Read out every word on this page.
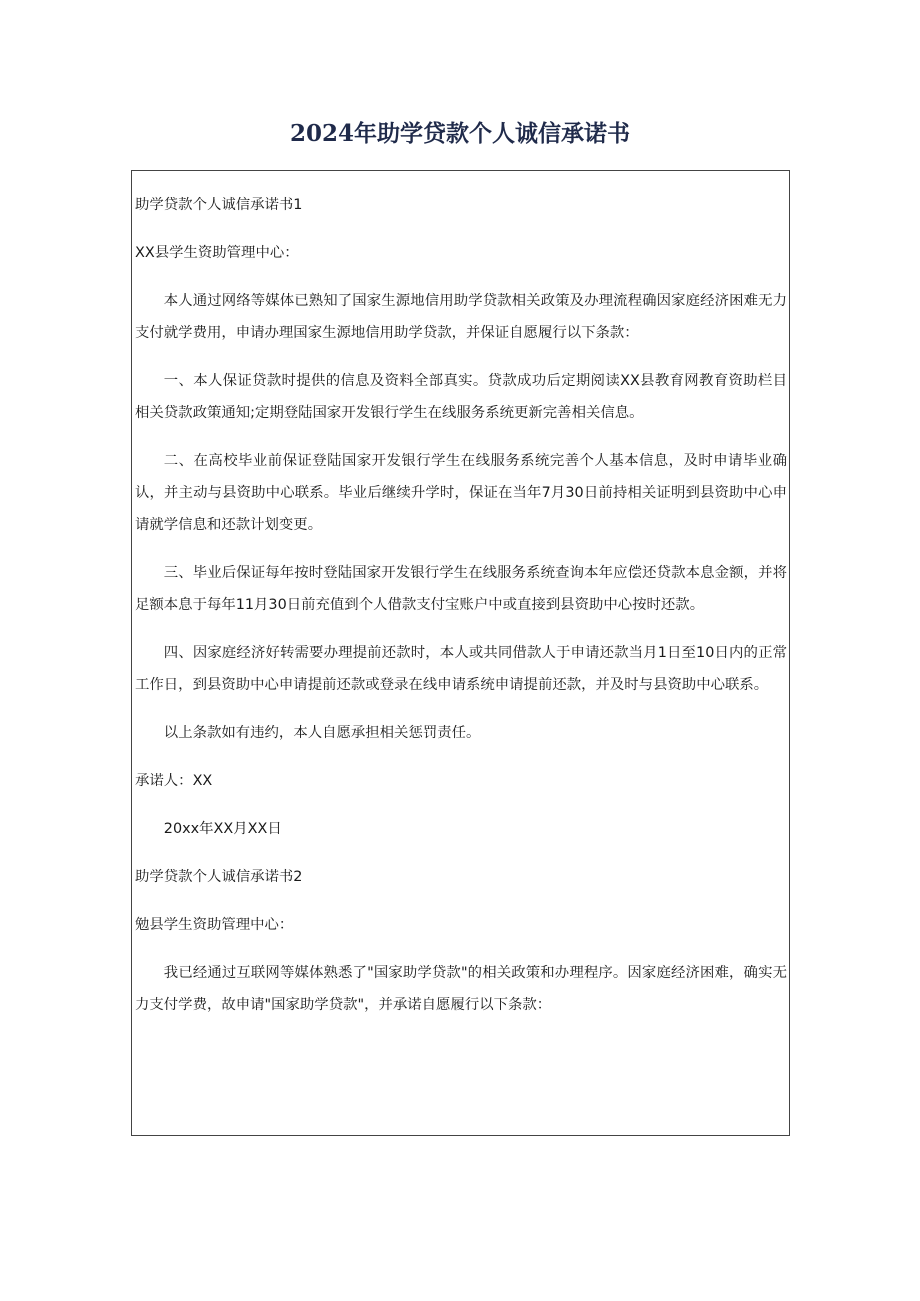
2024年助学贷款个人诚信承诺书

助学贷款个人诚信承诺书1

XX县学生资助管理中心：

本人通过网络等媒体已熟知了国家生源地信用助学贷款相关政策及办理流程确因家庭经济困难无力支付就学费用，申请办理国家生源地信用助学贷款，并保证自愿履行以下条款：

一、本人保证贷款时提供的信息及资料全部真实。贷款成功后定期阅读XX县教育网教育资助栏目相关贷款政策通知;定期登陆国家开发银行学生在线服务系统更新完善相关信息。

二、在高校毕业前保证登陆国家开发银行学生在线服务系统完善个人基本信息，及时申请毕业确认，并主动与县资助中心联系。毕业后继续升学时，保证在当年7月30日前持相关证明到县资助中心申请就学信息和还款计划变更。

三、毕业后保证每年按时登陆国家开发银行学生在线服务系统查询本年应偿还贷款本息金额，并将足额本息于每年11月30日前充值到个人借款支付宝账户中或直接到县资助中心按时还款。

四、因家庭经济好转需要办理提前还款时，本人或共同借款人于申请还款当月1日至10日内的正常工作日，到县资助中心申请提前还款或登录在线申请系统申请提前还款，并及时与县资助中心联系。

以上条款如有违约，本人自愿承担相关惩罚责任。

承诺人：XX

20xx年XX月XX日

助学贷款个人诚信承诺书2

勉县学生资助管理中心：

我已经通过互联网等媒体熟悉了"国家助学贷款"的相关政策和办理程序。因家庭经济困难，确实无力支付学费，故申请"国家助学贷款"，并承诺自愿履行以下条款：
